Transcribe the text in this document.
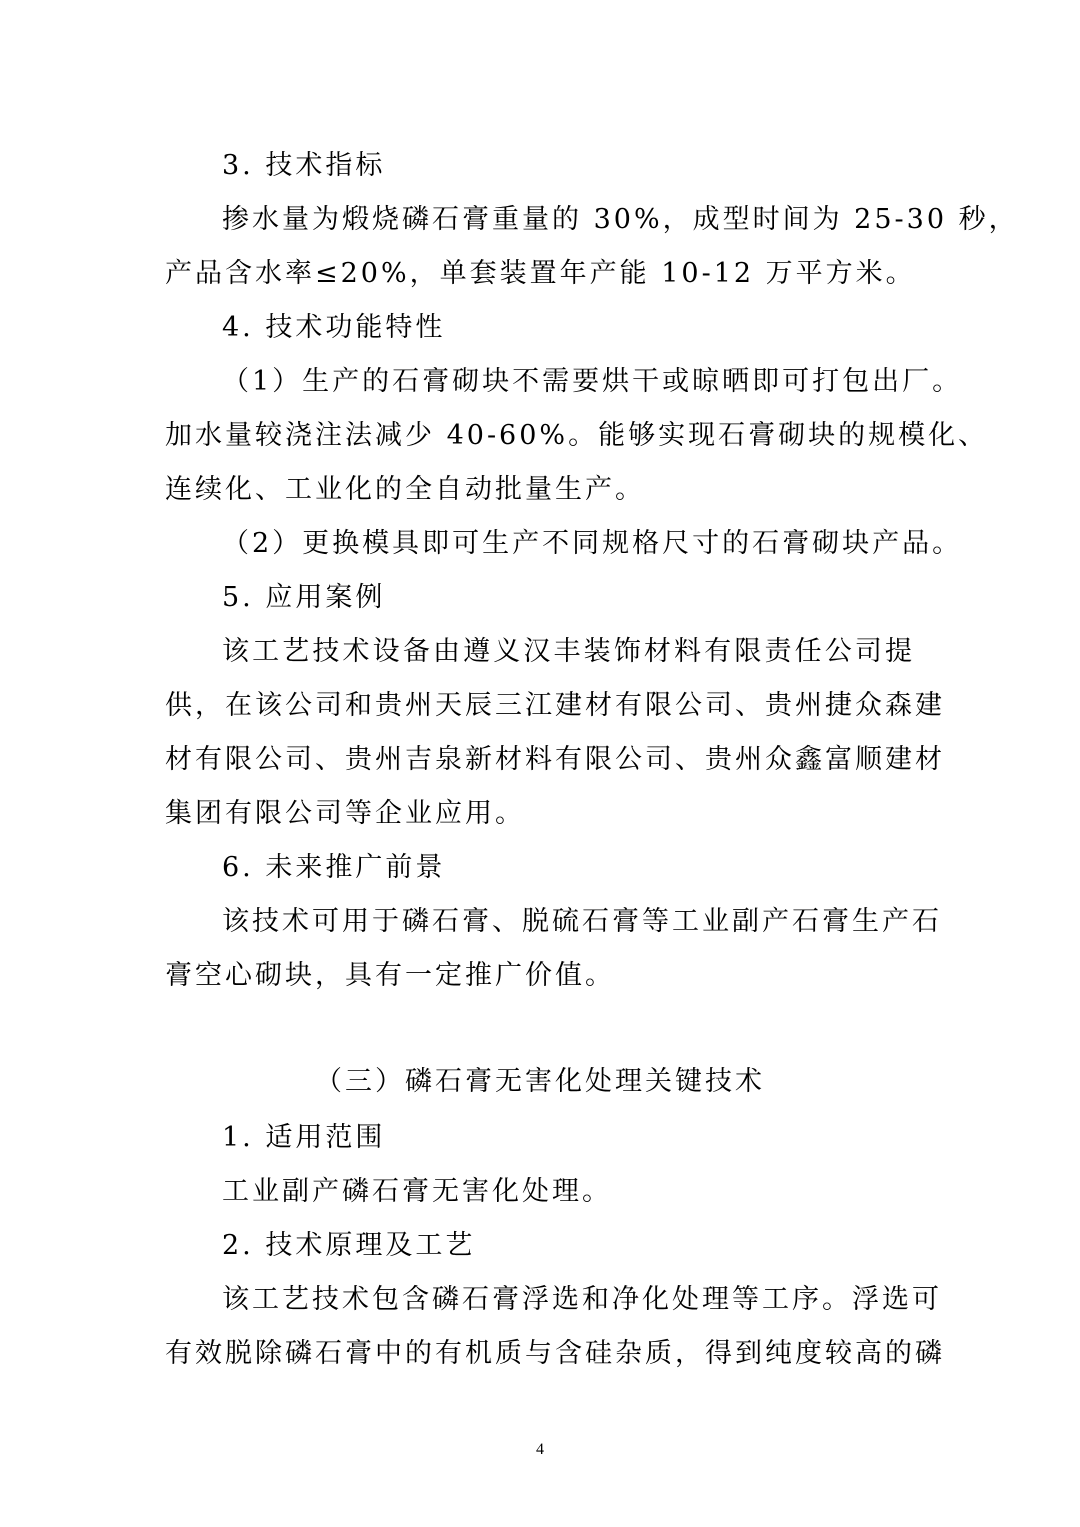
3. 技术指标
掺水量为煅烧磷石膏重量的 30%，成型时间为 25-30 秒，
产品含水率≤20%，单套装置年产能 10-12 万平方米。
4. 技术功能特性
（1）生产的石膏砌块不需要烘干或晾晒即可打包出厂。
加水量较浇注法减少 40-60%。能够实现石膏砌块的规模化、
连续化、工业化的全自动批量生产。
（2）更换模具即可生产不同规格尺寸的石膏砌块产品。
5. 应用案例
该工艺技术设备由遵义汉丰装饰材料有限责任公司提
供，在该公司和贵州天辰三江建材有限公司、贵州捷众森建
材有限公司、贵州吉泉新材料有限公司、贵州众鑫富顺建材
集团有限公司等企业应用。
6. 未来推广前景
该技术可用于磷石膏、脱硫石膏等工业副产石膏生产石
膏空心砌块，具有一定推广价值。
（三）磷石膏无害化处理关键技术
1. 适用范围
工业副产磷石膏无害化处理。
2. 技术原理及工艺
该工艺技术包含磷石膏浮选和净化处理等工序。浮选可
有效脱除磷石膏中的有机质与含硅杂质，得到纯度较高的磷
4
